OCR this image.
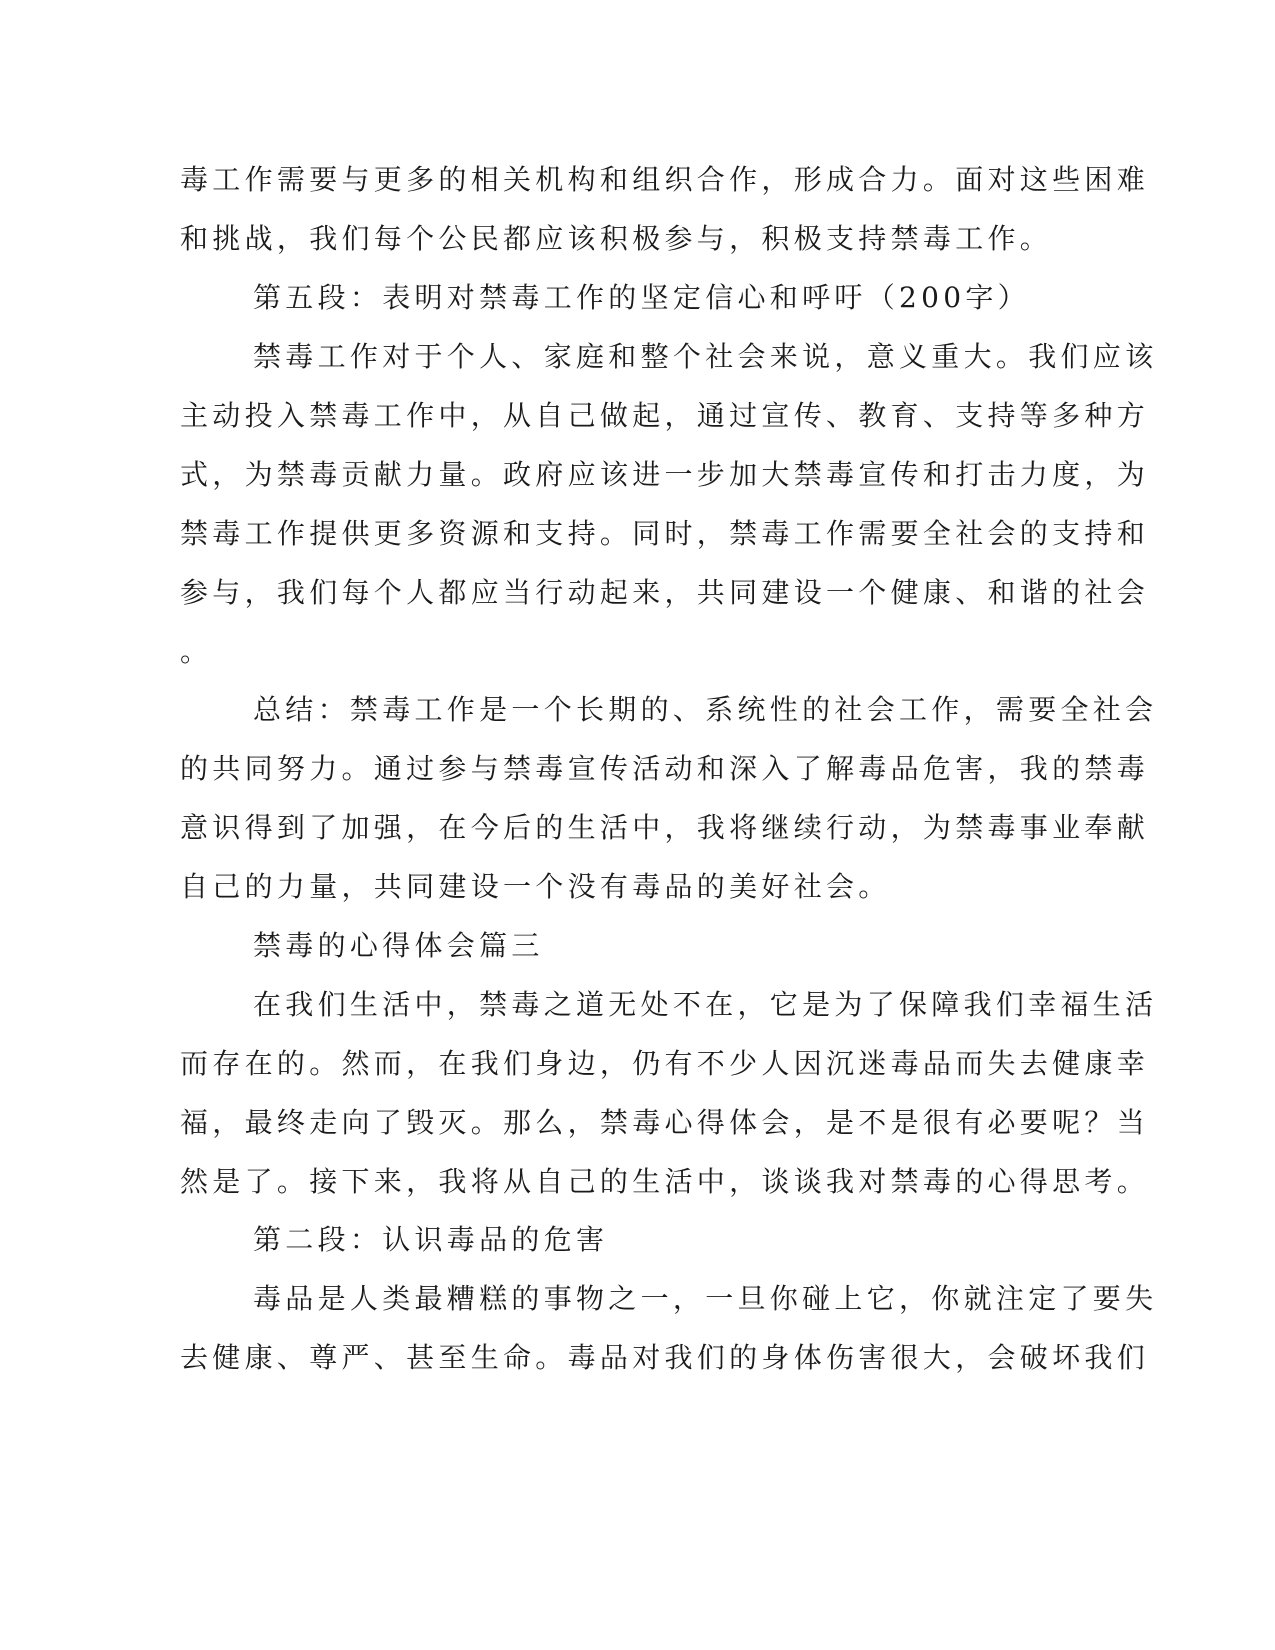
毒工作需要与更多的相关机构和组织合作，形成合力。面对这些困难
和挑战，我们每个公民都应该积极参与，积极支持禁毒工作。
第五段：表明对禁毒工作的坚定信心和呼吁（200字）
禁毒工作对于个人、家庭和整个社会来说，意义重大。我们应该
主动投入禁毒工作中，从自己做起，通过宣传、教育、支持等多种方
式，为禁毒贡献力量。政府应该进一步加大禁毒宣传和打击力度，为
禁毒工作提供更多资源和支持。同时，禁毒工作需要全社会的支持和
参与，我们每个人都应当行动起来，共同建设一个健康、和谐的社会
。
总结：禁毒工作是一个长期的、系统性的社会工作，需要全社会
的共同努力。通过参与禁毒宣传活动和深入了解毒品危害，我的禁毒
意识得到了加强，在今后的生活中，我将继续行动，为禁毒事业奉献
自己的力量，共同建设一个没有毒品的美好社会。
禁毒的心得体会篇三
在我们生活中，禁毒之道无处不在，它是为了保障我们幸福生活
而存在的。然而，在我们身边，仍有不少人因沉迷毒品而失去健康幸
福，最终走向了毁灭。那么，禁毒心得体会，是不是很有必要呢？当
然是了。接下来，我将从自己的生活中，谈谈我对禁毒的心得思考。
第二段：认识毒品的危害
毒品是人类最糟糕的事物之一，一旦你碰上它，你就注定了要失
去健康、尊严、甚至生命。毒品对我们的身体伤害很大，会破坏我们
